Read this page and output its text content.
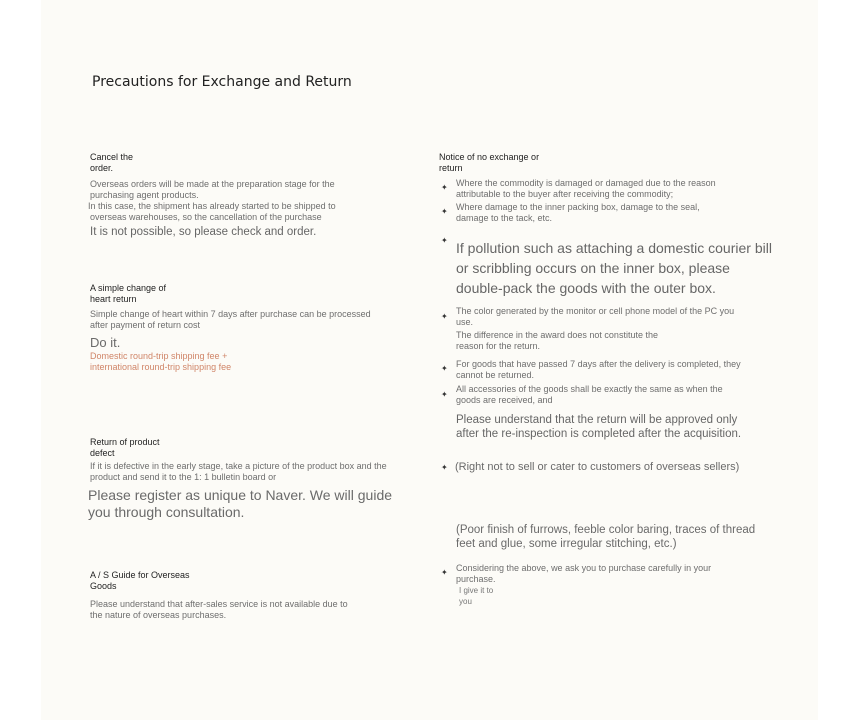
Precautions for Exchange and Return
Cancel the
order.
Overseas orders will be made at the preparation stage for the
purchasing agent products.
In this case, the shipment has already started to be shipped to
overseas warehouses, so the cancellation of the purchase
It is not possible, so please check and order.
A simple change of
heart return
Simple change of heart within 7 days after purchase can be processed
after payment of return cost
Do it.
Domestic round-trip shipping fee +
international round-trip shipping fee
Return of product
defect
If it is defective in the early stage, take a picture of the product box and the
product and send it to the 1: 1 bulletin board or
Please register as unique to Naver. We will guide
you through consultation.
A / S Guide for Overseas
Goods
Please understand that after-sales service is not available due to
the nature of overseas purchases.
Notice of no exchange or
return
✦ Where the commodity is damaged or damaged due to the reason
attributable to the buyer after receiving the commodity;
✦ Where damage to the inner packing box, damage to the seal,
damage to the tack, etc.
✦ If pollution such as attaching a domestic courier bill or scribbling occurs on the inner box, please double-pack the goods with the outer box.
✦
The color generated by the monitor or cell phone model of the PC you
use.
The difference in the award does not constitute the
reason for the return.
✦ For goods that have passed 7 days after the delivery is completed, they
cannot be returned.
✦
All accessories of the goods shall be exactly the same as when the
goods are received, and
Please understand that the return will be approved only
after the re-inspection is completed after the acquisition.
✦ (Right not to sell or cater to customers of overseas sellers)
(Poor finish of furrows, feeble color baring, traces of thread
feet and glue, some irregular stitching, etc.)
✦ Considering the above, we ask you to purchase carefully in your
purchase.
I give it to
you
